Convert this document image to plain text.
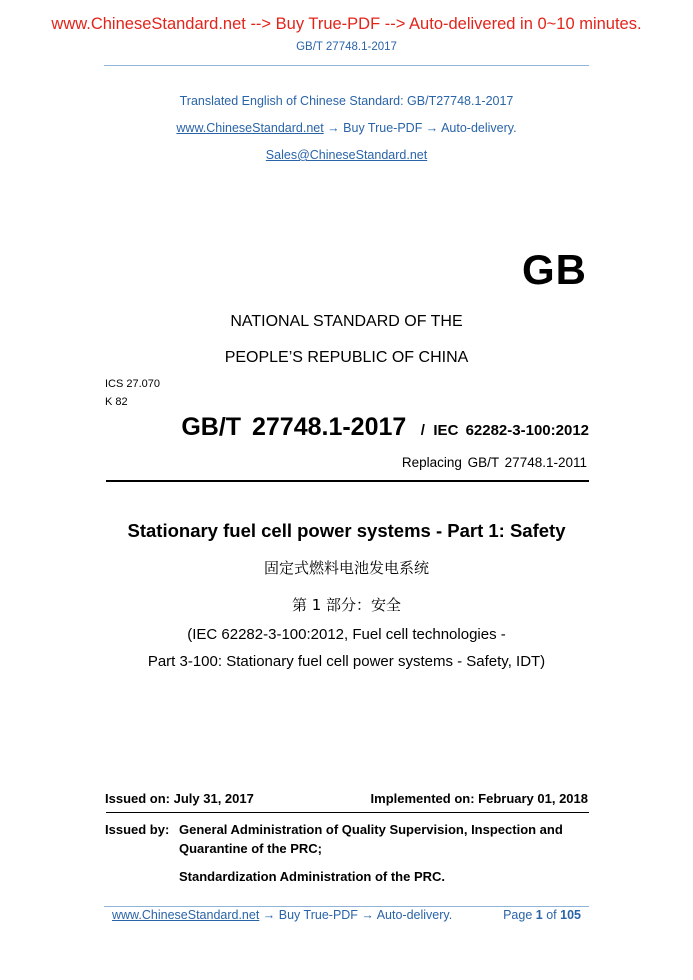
www.ChineseStandard.net --> Buy True-PDF --> Auto-delivered in 0~10 minutes.
GB/T 27748.1-2017
Translated English of Chinese Standard: GB/T27748.1-2017
www.ChineseStandard.net → Buy True-PDF → Auto-delivery.
Sales@ChineseStandard.net
GB
NATIONAL STANDARD OF THE
PEOPLE’S REPUBLIC OF CHINA
ICS 27.070
K 82
GB/T 27748.1-2017 / IEC 62282-3-100:2012
Replacing GB/T 27748.1-2011
Stationary fuel cell power systems - Part 1: Safety
固定式燃料电池发电系统
第 1 部分：安全
(IEC 62282-3-100:2012, Fuel cell technologies -
Part 3-100: Stationary fuel cell power systems - Safety, IDT)
Issued on: July 31, 2017	Implemented on: February 01, 2018
Issued by: General Administration of Quality Supervision, Inspection and
Quarantine of the PRC;
Standardization Administration of the PRC.
www.ChineseStandard.net → Buy True-PDF → Auto-delivery.	Page 1 of 105
